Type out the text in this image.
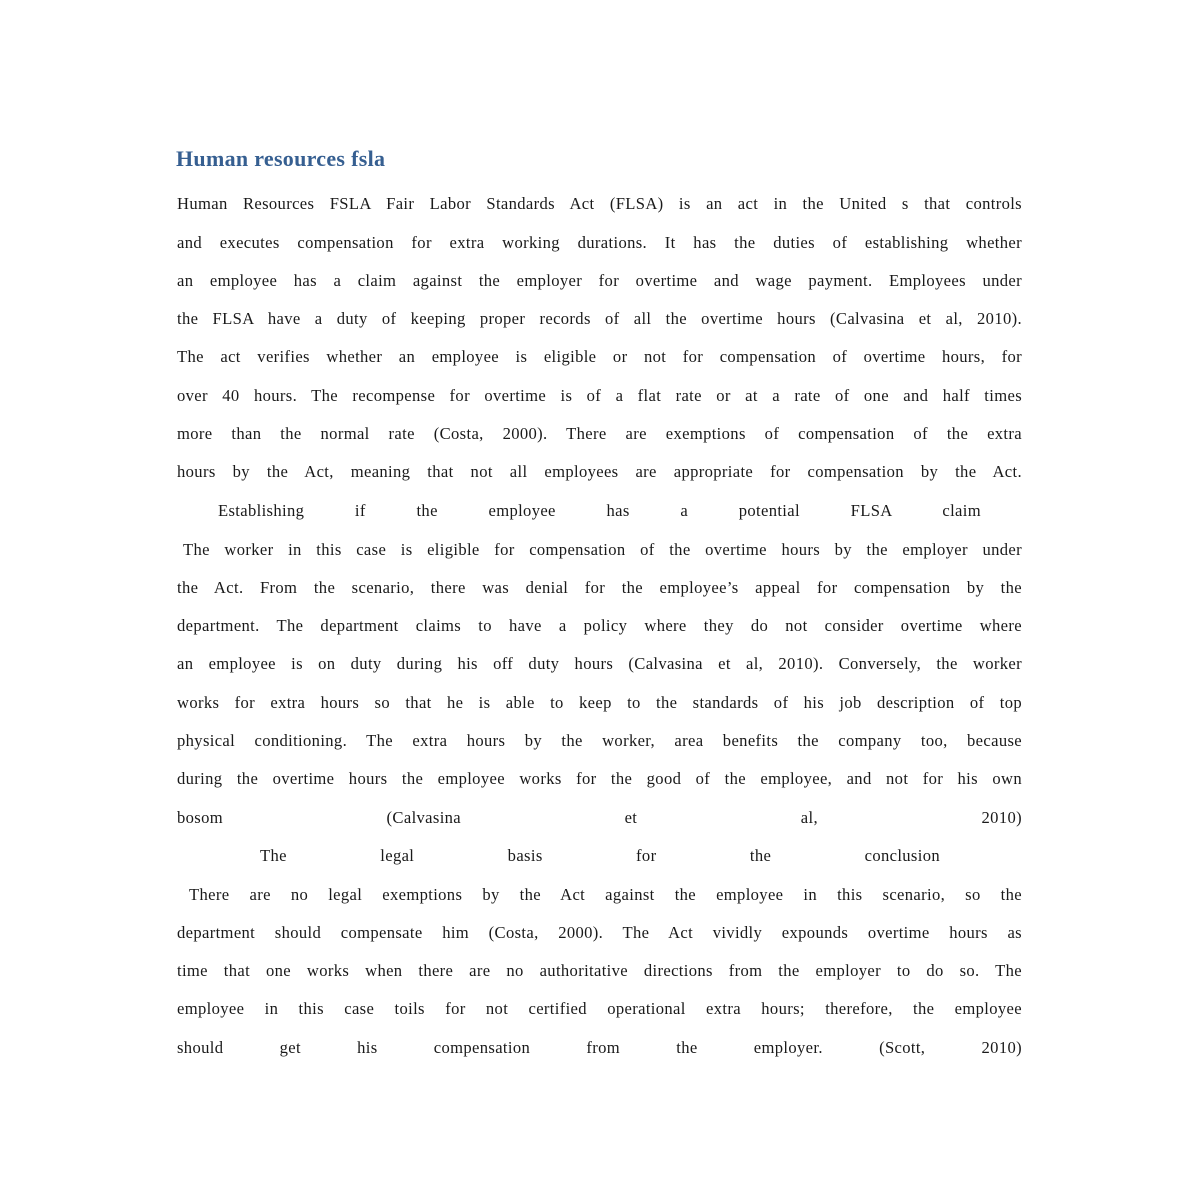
Human resources fsla

Human Resources FSLA Fair Labor Standards Act (FLSA) is an act in the United s that controls

and executes compensation for extra working durations. It has the duties of establishing whether

an employee has a claim against the employer for overtime and wage payment. Employees under

the FLSA have a duty of keeping proper records of all the overtime hours (Calvasina et al, 2010).

The act verifies whether an employee is eligible or not for compensation of overtime hours, for

over 40 hours. The recompense for overtime is of a flat rate or at a rate of one and half times

more than the normal rate (Costa, 2000). There are exemptions of compensation of the extra

hours by the Act, meaning that not all employees are appropriate for compensation by the Act.

Establishing if the employee has a potential FLSA claim

The worker in this case is eligible for compensation of the overtime hours by the employer under

the Act. From the scenario, there was denial for the employee’s appeal for compensation by the

department. The department claims to have a policy where they do not consider overtime where

an employee is on duty during his off duty hours (Calvasina et al, 2010). Conversely, the worker

works for extra hours so that he is able to keep to the standards of his job description of top

physical conditioning. The extra hours by the worker, area benefits the company too, because

during the overtime hours the employee works for the good of the employee, and not for his own

bosom (Calvasina et al, 2010)

The legal basis for the conclusion

There are no legal exemptions by the Act against the employee in this scenario, so the

department should compensate him (Costa, 2000). The Act vividly expounds overtime hours as

time that one works when there are no authoritative directions from the employer to do so. The

employee in this case toils for not certified operational extra hours; therefore, the employee

should get his compensation from the employer. (Scott, 2010)
